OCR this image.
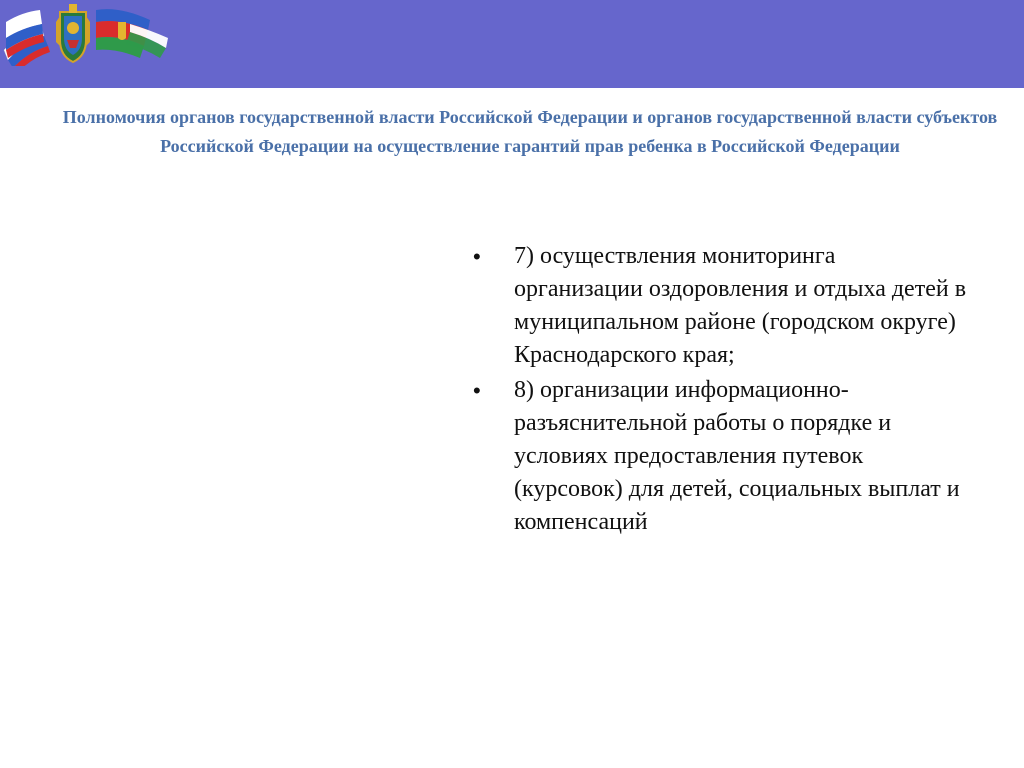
Полномочия органов государственной власти Российской Федерации и органов государственной власти субъектов Российской Федерации на осуществление гарантий прав ребенка в Российской Федерации
• 7) осуществления мониторинга организации оздоровления и отдыха детей в муниципальном районе (городском округе) Краснодарского края;
• 8) организации информационно-разъяснительной работы о порядке и условиях предоставления путевок (курсовок) для детей, социальных выплат и компенсаций
